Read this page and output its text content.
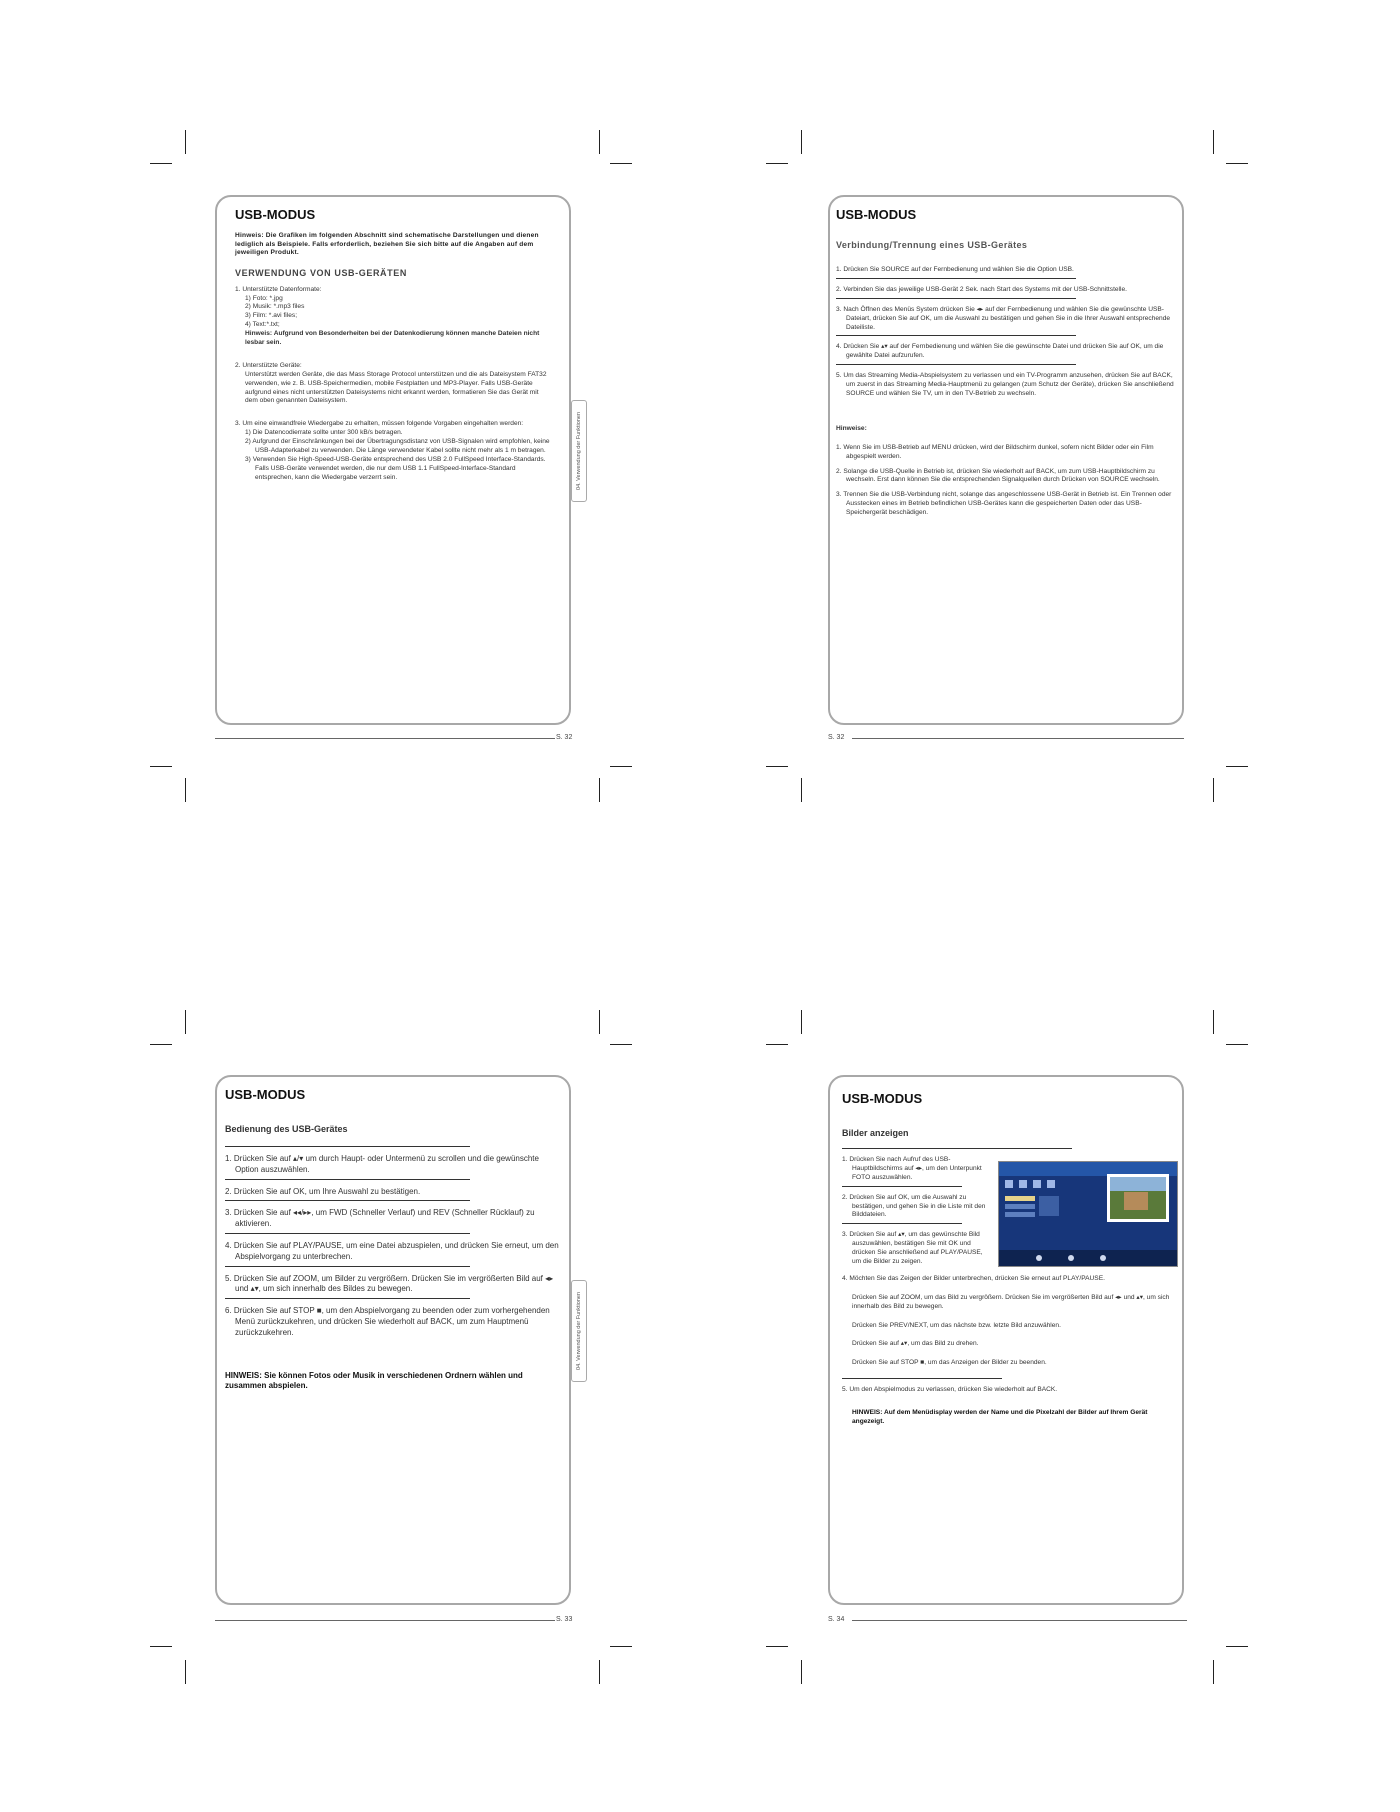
USB-MODUS
Hinweis: Die Grafiken im folgenden Abschnitt sind schematische Darstellungen und dienen lediglich als Beispiele. Falls erforderlich, beziehen Sie sich bitte auf die Angaben auf dem jeweiligen Produkt.
VERWENDUNG VON USB-GERÄTEN
1. Unterstützte Datenformate:
1) Foto: *.jpg
2) Musik: *.mp3 files
3) Film: *.avi files;
4) Text:*.txt;
Hinweis: Aufgrund von Besonderheiten bei der Datenkodierung können manche Dateien nicht lesbar sein.
2. Unterstützte Geräte:
Unterstützt werden Geräte, die das Mass Storage Protocol unterstützen und die als Dateisystem FAT32 verwenden, wie z. B. USB-Speichermedien, mobile Festplatten und MP3-Player. Falls USB-Geräte aufgrund eines nicht unterstützten Dateisystems nicht erkannt werden, formatieren Sie das Gerät mit dem oben genannten Dateisystem.
3. Um eine einwandfreie Wiedergabe zu erhalten, müssen folgende Vorgaben eingehalten werden:
1) Die Datencodierrate sollte unter 300 kB/s betragen.
2) Aufgrund der Einschränkungen bei der Übertragungsdistanz von USB-Signalen wird empfohlen, keine USB-Adapterkabel zu verwenden. Die Länge verwendeter Kabel sollte nicht mehr als 1 m betragen.
3) Verwenden Sie High-Speed-USB-Geräte entsprechend des USB 2.0 FullSpeed Interface-Standards. Falls USB-Geräte verwendet werden, die nur dem USB 1.1 FullSpeed-Interface-Standard entsprechen, kann die Wiedergabe verzerrt sein.	04. Verwendung der Funktionen
S. 32
USB-MODUS
Verbindung/Trennung eines USB-Gerätes
1. Drücken Sie SOURCE auf der Fernbedienung und wählen Sie die Option USB.
2. Verbinden Sie das jeweilige USB-Gerät 2 Sek. nach Start des Systems mit der USB-Schnittstelle.
3. Nach Öffnen des Menüs System drücken Sie ◂▸ auf der Fernbedienung und wählen Sie die gewünschte USB-Dateiart, drücken Sie auf OK, um die Auswahl zu bestätigen und gehen Sie in die Ihrer Auswahl entsprechende Dateiliste.
4. Drücken Sie ▴▾ auf der Fernbedienung und wählen Sie die gewünschte Datei und drücken Sie auf OK, um die gewählte Datei aufzurufen.
5. Um das Streaming Media-Abspielsystem zu verlassen und ein TV-Programm anzusehen, drücken Sie auf BACK, um zuerst in das Streaming Media-Hauptmenü zu gelangen (zum Schutz der Geräte), drücken Sie anschließend SOURCE und wählen Sie TV, um in den TV-Betrieb zu wechseln.
Hinweise:
1. Wenn Sie im USB-Betrieb auf MENU drücken, wird der Bildschirm dunkel, sofern nicht Bilder oder ein Film abgespielt werden.
2. Solange die USB-Quelle in Betrieb ist, drücken Sie wiederholt auf BACK, um zum USB-Hauptbildschirm zu wechseln. Erst dann können Sie die entsprechenden Signalquellen durch Drücken von SOURCE wechseln.
3. Trennen Sie die USB-Verbindung nicht, solange das angeschlossene USB-Gerät in Betrieb ist. Ein Trennen oder Ausstecken eines im Betrieb befindlichen USB-Gerätes kann die gespeicherten Daten oder das USB-Speichergerät beschädigen.
S. 32
USB-MODUS
Bedienung des USB-Gerätes
1. Drücken Sie auf ▴/▾ um durch Haupt- oder Untermenü zu scrollen und die gewünschte Option auszuwählen.
2. Drücken Sie auf OK, um Ihre Auswahl zu bestätigen.
3. Drücken Sie auf ◂◂/▸▸, um FWD (Schneller Verlauf) und REV (Schneller Rücklauf) zu aktivieren.
4. Drücken Sie auf PLAY/PAUSE, um eine Datei abzuspielen, und drücken Sie erneut, um den Abspielvorgang zu unterbrechen.
5. Drücken Sie auf ZOOM, um Bilder zu vergrößern. Drücken Sie im vergrößerten Bild auf ◂▸ und ▴▾, um sich innerhalb des Bildes zu bewegen.
6. Drücken Sie auf STOP ■, um den Abspielvorgang zu beenden oder zum vorhergehenden Menü zurückzukehren, und drücken Sie wiederholt auf BACK, um zum Hauptmenü zurückzukehren.
HINWEIS: Sie können Fotos oder Musik in verschiedenen Ordnern wählen und zusammen abspielen.
04. Verwendung der Funktionen
S. 33
USB-MODUS
Bilder anzeigen
1. Drücken Sie nach Aufruf des USB-Hauptbildschirms auf ◂▸, um den Unterpunkt FOTO auszuwählen.
2. Drücken Sie auf OK, um die Auswahl zu bestätigen, und gehen Sie in die Liste mit den Bilddateien.
3. Drücken Sie auf ▴▾, um das gewünschte Bild auszuwählen, bestätigen Sie mit OK und drücken Sie anschließend auf PLAY/PAUSE, um die Bilder zu zeigen.
4. Möchten Sie das Zeigen der Bilder unterbrechen, drücken Sie erneut auf PLAY/PAUSE.
Drücken Sie auf ZOOM, um das Bild zu vergrößern. Drücken Sie im vergrößerten Bild auf ◂▸ und ▴▾, um sich innerhalb des Bild zu bewegen.
Drücken Sie PREV/NEXT, um das nächste bzw. letzte Bild anzuwählen.
Drücken Sie auf ▴▾, um das Bild zu drehen.
Drücken Sie auf STOP ■, um das Anzeigen der Bilder zu beenden.
5. Um den Abspielmodus zu verlassen, drücken Sie wiederholt auf BACK.
HINWEIS: Auf dem Menüdisplay werden der Name und die Pixelzahl der Bilder auf Ihrem Gerät angezeigt.
S. 34
